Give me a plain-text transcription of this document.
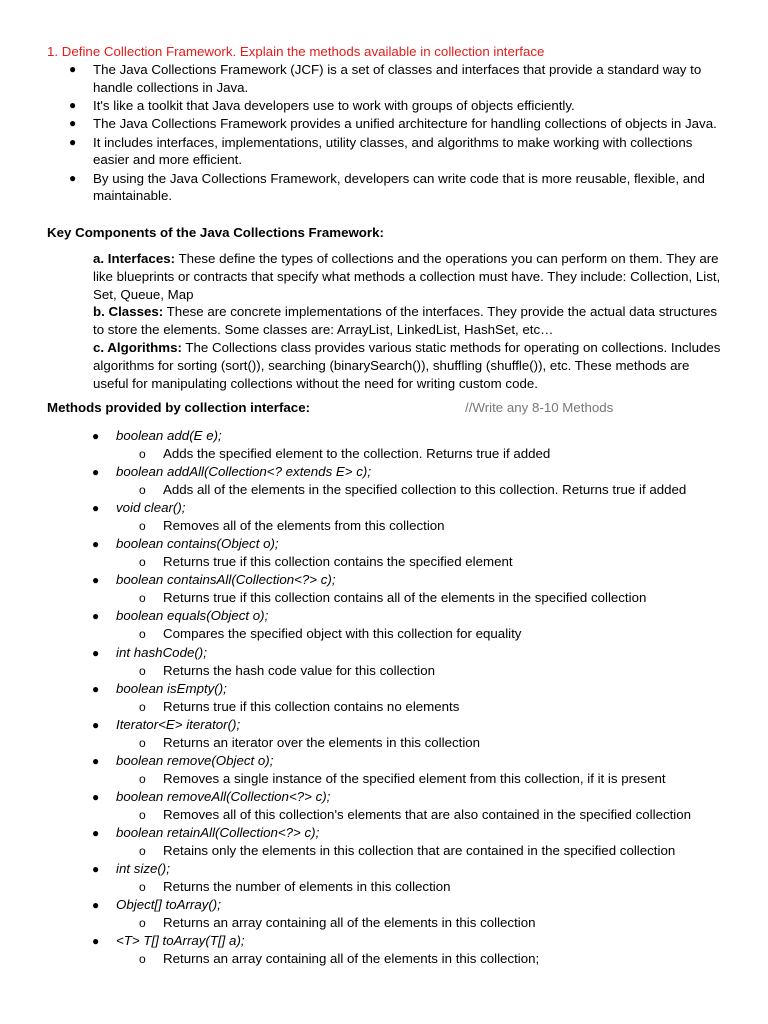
1. Define Collection Framework. Explain the methods available in collection interface
● The Java Collections Framework (JCF) is a set of classes and interfaces that provide a standard way to handle collections in Java.
● It's like a toolkit that Java developers use to work with groups of objects efficiently.
● The Java Collections Framework provides a unified architecture for handling collections of objects in Java.
● It includes interfaces, implementations, utility classes, and algorithms to make working with collections easier and more efficient.
● By using the Java Collections Framework, developers can write code that is more reusable, flexible, and maintainable.
Key Components of the Java Collections Framework:

a. Interfaces: These define the types of collections and the operations you can perform on them. They are like blueprints or contracts that specify what methods a collection must have. They include: Collection, List, Set, Queue, Map

b. Classes: These are concrete implementations of the interfaces. They provide the actual data structures to store the elements. Some classes are: ArrayList, LinkedList, HashSet, etc…

c. Algorithms: The Collections class provides various static methods for operating on collections. Includes algorithms for sorting (sort()), searching (binarySearch()), shuffling (shuffle()), etc. These methods are useful for manipulating collections without the need for writing custom code.

Methods provided by collection interface:	//Write any 8-10 Methods
● boolean add(E e);
o Adds the specified element to the collection. Returns true if added
● boolean addAll(Collection<? extends E> c);
o Adds all of the elements in the specified collection to this collection. Returns true if added
● void clear();
o Removes all of the elements from this collection
● boolean contains(Object o);
o Returns true if this collection contains the specified element
● boolean containsAll(Collection<?> c);
o Returns true if this collection contains all of the elements in the specified collection
● boolean equals(Object o);
o Compares the specified object with this collection for equality
● int hashCode();
o Returns the hash code value for this collection
● boolean isEmpty();
o Returns true if this collection contains no elements
● Iterator<E> iterator();
o Returns an iterator over the elements in this collection
● boolean remove(Object o);
o Removes a single instance of the specified element from this collection, if it is present
● boolean removeAll(Collection<?> c);
o Removes all of this collection's elements that are also contained in the specified collection
● boolean retainAll(Collection<?> c);
o Retains only the elements in this collection that are contained in the specified collection
● int size();
o Returns the number of elements in this collection
● Object[] toArray();
o Returns an array containing all of the elements in this collection
● <T> T[] toArray(T[] a);
o Returns an array containing all of the elements in this collection;
